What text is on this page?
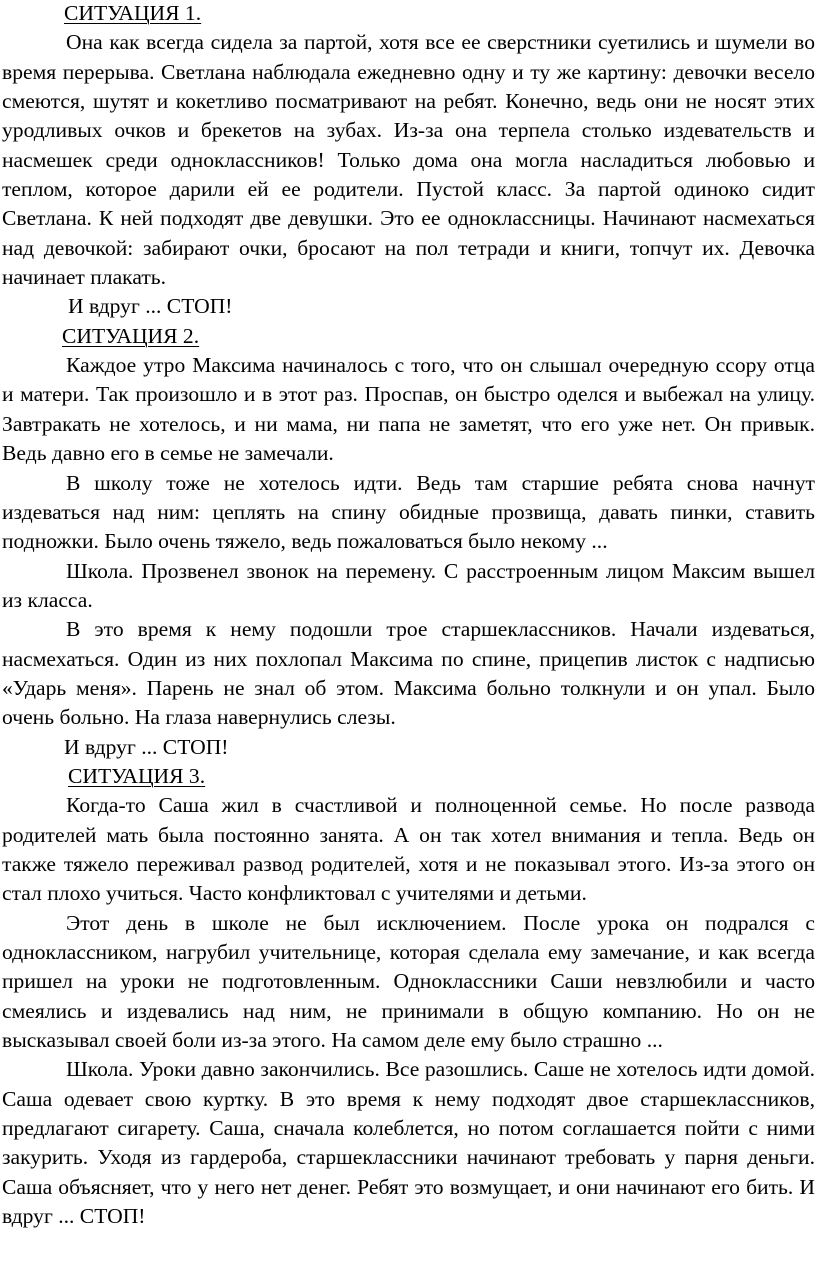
СИТУАЦИЯ 1.

Она как всегда сидела за партой, хотя все ее сверстники суетились и шумели во время перерыва. Светлана наблюдала ежедневно одну и ту же картину: девочки весело смеются, шутят и кокетливо посматривают на ребят. Конечно, ведь они не носят этих уродливых очков и брекетов на зубах. Из-за она терпела столько издевательств и насмешек среди одноклассников! Только дома она могла насладиться любовью и теплом, которое дарили ей ее родители. Пустой класс. За партой одиноко сидит Светлана. К ней подходят две девушки. Это ее одноклассницы. Начинают насмехаться над девочкой: забирают очки, бросают на пол тетради и книги, топчут их. Девочка начинает плакать.

И вдруг ... СТОП!
СИТУАЦИЯ 2.

Каждое утро Максима начиналось с того, что он слышал очередную ссору отца и матери. Так произошло и в этот раз. Проспав, он быстро оделся и выбежал на улицу. Завтракать не хотелось, и ни мама, ни папа не заметят, что его уже нет. Он привык. Ведь давно его в семье не замечали.

В школу тоже не хотелось идти. Ведь там старшие ребята снова начнут издеваться над ним: цеплять на спину обидные прозвища, давать пинки, ставить подножки. Было очень тяжело, ведь пожаловаться было некому ...

Школа. Прозвенел звонок на перемену. С расстроенным лицом Максим вышел из класса.

В это время к нему подошли трое старшеклассников. Начали издеваться, насмехаться. Один из них похлопал Максима по спине, прицепив листок с надписью «Ударь меня». Парень не знал об этом. Максима больно толкнули и он упал. Было очень больно. На глаза навернулись слезы.

И вдруг ... СТОП!
СИТУАЦИЯ 3.

Когда-то Саша жил в счастливой и полноценной семье. Но после развода родителей мать была постоянно занята. А он так хотел внимания и тепла. Ведь он также тяжело переживал развод родителей, хотя и не показывал этого. Из-за этого он стал плохо учиться. Часто конфликтовал с учителями и детьми.

Этот день в школе не был исключением. После урока он подрался с одноклассником, нагрубил учительнице, которая сделала ему замечание, и как всегда пришел на уроки не подготовленным. Одноклассники Саши невзлюбили и часто смеялись и издевались над ним, не принимали в общую компанию. Но он не высказывал своей боли из-за этого. На самом деле ему было страшно ...

Школа. Уроки давно закончились. Все разошлись. Саше не хотелось идти домой. Саша одевает свою куртку. В это время к нему подходят двое старшеклассников, предлагают сигарету. Саша, сначала колеблется, но потом соглашается пойти с ними закурить. Уходя из гардероба, старшеклассники начинают требовать у парня деньги. Саша объясняет, что у него нет денег. Ребят это возмущает, и они начинают его бить. И вдруг ... СТОП!
